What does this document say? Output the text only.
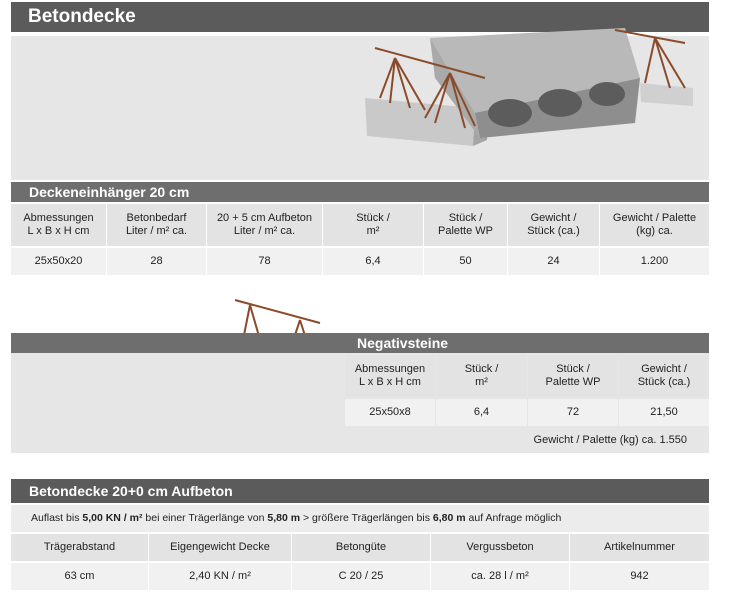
Betondecke
Deckeneinhänger 20 cm
Abmessungen
L x B x H cm
25x50x20
Betonbedarf
Liter / m² ca.
28
20 + 5 cm Aufbeton
Liter / m² ca.
78
Stück /
m²
6,4
Stück /
Palette WP
50
Gewicht /
Stück (ca.)
24
Gewicht / Palette
(kg) ca.
1.200
Negativsteine
Abmessungen
L x B x H cm
25x50x8
Stück /
m²
6,4
Stück /
Palette WP
72
Gewicht /
Stück (ca.)
21,50
Gewicht / Palette (kg) ca. 1.550
Betondecke 20+0 cm Aufbeton
Auflast bis 5,00 KN / m² bei einer Trägerlänge von 5,80 m > größere Trägerlängen bis 6,80 m auf Anfrage möglich
Trägerabstand
63 cm
Eigengewicht Decke
2,40 KN / m²
Betongüte
C 20 / 25
Vergussbeton
ca. 28 l / m²
Artikelnummer
942
